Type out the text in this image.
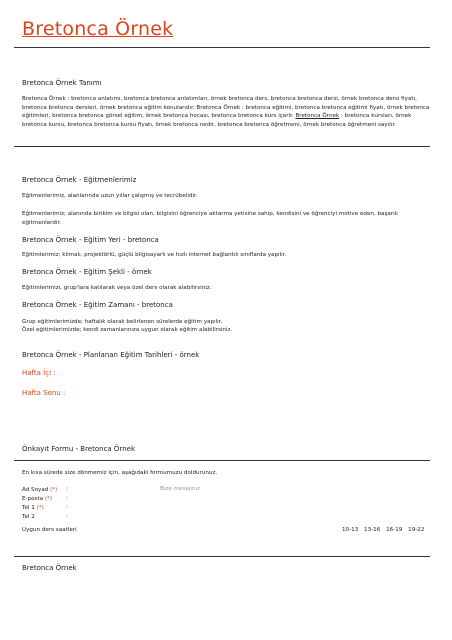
Bretonca Örnek
Bretonca Örnek Tanımı
Bretonca Örnek : bretonca anlatımı, bretonca bretonca anlatımları, örnek bretonca ders, bretonca bretonca dersi, örnek bretonca dersi fiyatı, bretonca bretonca dersleri, örnek bretonca eğitim konularıdır. Bretonca Örnek : bretonca eğitimi, bretonca bretonca eğitimi fiyatı, örnek bretonca eğitimleri, bretonca bretonca görsel eğitim, örnek bretonca hocası, bretonca bretonca kurs içerir. Bretonca Örnek : bretonca kursları, örnek bretonca kursu, bretonca bretonca kursu fiyatı, örnek bretonca nedir, bretonca bretonca öğretmeni, örnek bretonca öğretmeni sayılır.
Bretonca Örnek - Eğitmenlerimiz
Eğitmenlerimiz, alanlarında uzun yıllar çalışmış ve tecrübelidir.
Eğitmenlerimiz; alanında birikim ve bilgisi olan, bilgisini öğrenciye aktarma yetisine sahip, kendisini ve öğrenciyi motive eden, başarılı eğitmenlerdir.
Bretonca Örnek - Eğitim Yeri - bretonca
Eğitimlerimiz; klimalı, projektörlü, güçlü bilgisayarlı ve hızlı internet bağlantılı sınıflarda yapılır.
Bretonca Örnek - Eğitim Şekli - örnek
Eğitimlerimizi, grup'lara katılarak veya özel ders olarak alabilirsiniz.
Bretonca Örnek - Eğitim Zamanı - bretonca
Grup eğitimlerimizde; haftalık olarak belirlenen sürelerde eğitim yapılır.
Özel eğitimlerimizde; kendi zamanlarınıza uygun olarak eğitim alabilirsiniz.
Bretonca Örnek - Planlanan Eğitim Tarihleri - örnek
Hafta İçi :
Hafta Sonu :
Önkayıt Formu - Bretonca Örnek
En kısa sürede size dönmemiz için, aşağıdaki formumuzu doldurunuz.
Ad Soyad (*) :
E-posta (*) :
Tel 1 (*)	:
Tel 2	:
Bize mesajınız
Uygun ders saatleri	10-13 13-16 16-19 19-22
Bretonca Örnek
